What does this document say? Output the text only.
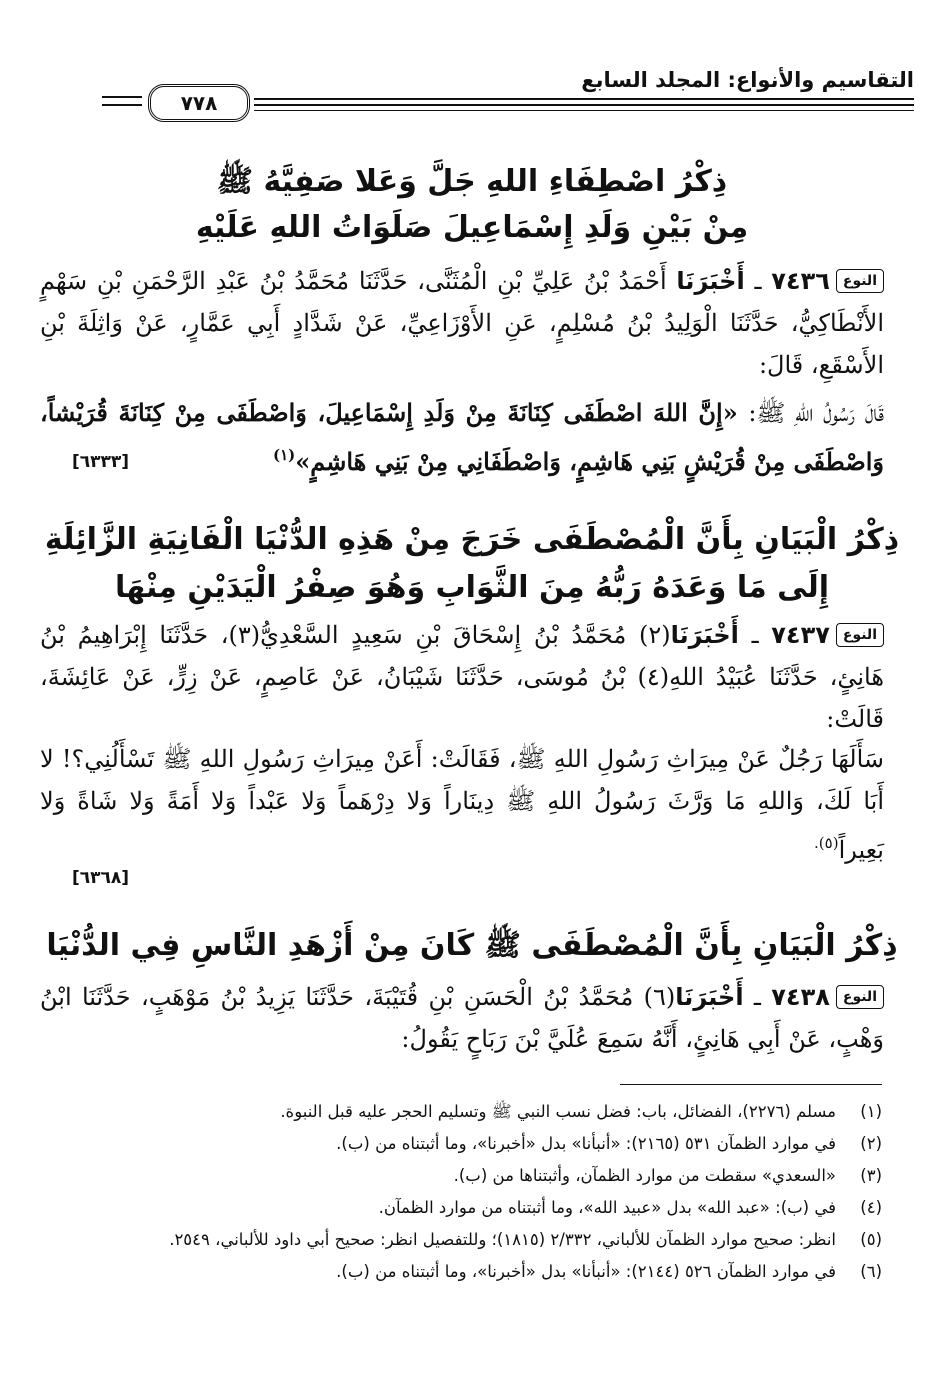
التقاسيم والأنواع: المجلد السابع
٧٧٨
ذِكْرُ اصْطِفَاءِ اللهِ جَلَّ وَعَلا صَفِيَّهُ ﷺ
مِنْ بَيْنِ وَلَدِ إِسْمَاعِيلَ صَلَوَاتُ اللهِ عَلَيْهِ
النوع٧٤٣٦ ـ أَخْبَرَنَا أَحْمَدُ بْنُ عَلِيِّ بْنِ الْمُثَنَّى، حَدَّثَنَا مُحَمَّدُ بْنُ عَبْدِ الرَّحْمَنِ بْنِ سَهْمٍ الأَنْطَاكِيُّ، حَدَّثَنَا الْوَلِيدُ بْنُ مُسْلِمٍ، عَنِ الأَوْزَاعِيِّ، عَنْ شَدَّادٍ أَبِي عَمَّارٍ، عَنْ وَاثِلَةَ بْنِ الأَسْقَعِ، قَالَ:
قَالَ رَسُولُ اللهِ ﷺ: «إِنَّ اللهَ اصْطَفَى كِنَانَةَ مِنْ وَلَدِ إِسْمَاعِيلَ، وَاصْطَفَى مِنْ كِنَانَةَ قُرَيْشاً، وَاصْطَفَى مِنْ قُرَيْشٍ بَنِي هَاشِمٍ، وَاصْطَفَانِي مِنْ بَنِي هَاشِمٍ»$^{(١)}$
[٦٣٣٣]
ذِكْرُ الْبَيَانِ بِأَنَّ الْمُصْطَفَى خَرَجَ مِنْ هَذِهِ الدُّنْيَا الْفَانِيَةِ الزَّائِلَةِ
إِلَى مَا وَعَدَهُ رَبُّهُ مِنَ الثَّوَابِ وَهُوَ صِفْرُ الْيَدَيْنِ مِنْهَا
النوع٧٤٣٧ ـ أَخْبَرَنَا(٢) مُحَمَّدُ بْنُ إِسْحَاقَ بْنِ سَعِيدٍ السَّعْدِيُّ(٣)، حَدَّثَنَا إِبْرَاهِيمُ بْنُ هَانِئٍ، حَدَّثَنَا عُبَيْدُ اللهِ(٤) بْنُ مُوسَى، حَدَّثَنَا شَيْبَانُ، عَنْ عَاصِمٍ، عَنْ زِرٍّ، عَنْ عَائِشَةَ، قَالَتْ:
سَأَلَهَا رَجُلٌ عَنْ مِيرَاثِ رَسُولِ اللهِ ﷺ، فَقَالَتْ: أَعَنْ مِيرَاثِ رَسُولِ اللهِ ﷺ تَسْأَلُنِي؟! لا أَبَا لَكَ، وَاللهِ مَا وَرَّثَ رَسُولُ اللهِ ﷺ دِينَاراً وَلا دِرْهَماً وَلا عَبْداً وَلا أَمَةً وَلا شَاةً وَلا بَعِيراً$^{(٥).}$
[٦٣٦٨]
ذِكْرُ الْبَيَانِ بِأَنَّ الْمُصْطَفَى ﷺ كَانَ مِنْ أَزْهَدِ النَّاسِ فِي الدُّنْيَا
النوع٧٤٣٨ ـ أَخْبَرَنَا(٦) مُحَمَّدُ بْنُ الْحَسَنِ بْنِ قُتَيْبَةَ، حَدَّثَنَا يَزِيدُ بْنُ مَوْهَبٍ، حَدَّثَنَا ابْنُ وَهْبٍ، عَنْ أَبِي هَانِئٍ، أَنَّهُ سَمِعَ عُلَيَّ بْنَ رَبَاحٍ يَقُولُ:
(١)
مسلم (٢٢٧٦)، الفضائل، باب: فضل نسب النبي ﷺ وتسليم الحجر عليه قبل النبوة.
(٢)
في موارد الظمآن ٥٣١ (٢١٦٥): «أنبأنا» بدل «أخبرنا»، وما أثبتناه من (ب).
(٣)
«السعدي» سقطت من موارد الظمآن، وأثبتناها من (ب).
(٤)
في (ب): «عبد الله» بدل «عبيد الله»، وما أثبتناه من موارد الظمآن.
(٥)
انظر: صحيح موارد الظمآن للألباني، ٢/٣٣٢ (١٨١٥)؛ وللتفصيل انظر: صحيح أبي داود للألباني، ٢٥٤٩.
(٦)
في موارد الظمآن ٥٢٦ (٢١٤٤): «أنبأنا» بدل «أخبرنا»، وما أثبتناه من (ب).
